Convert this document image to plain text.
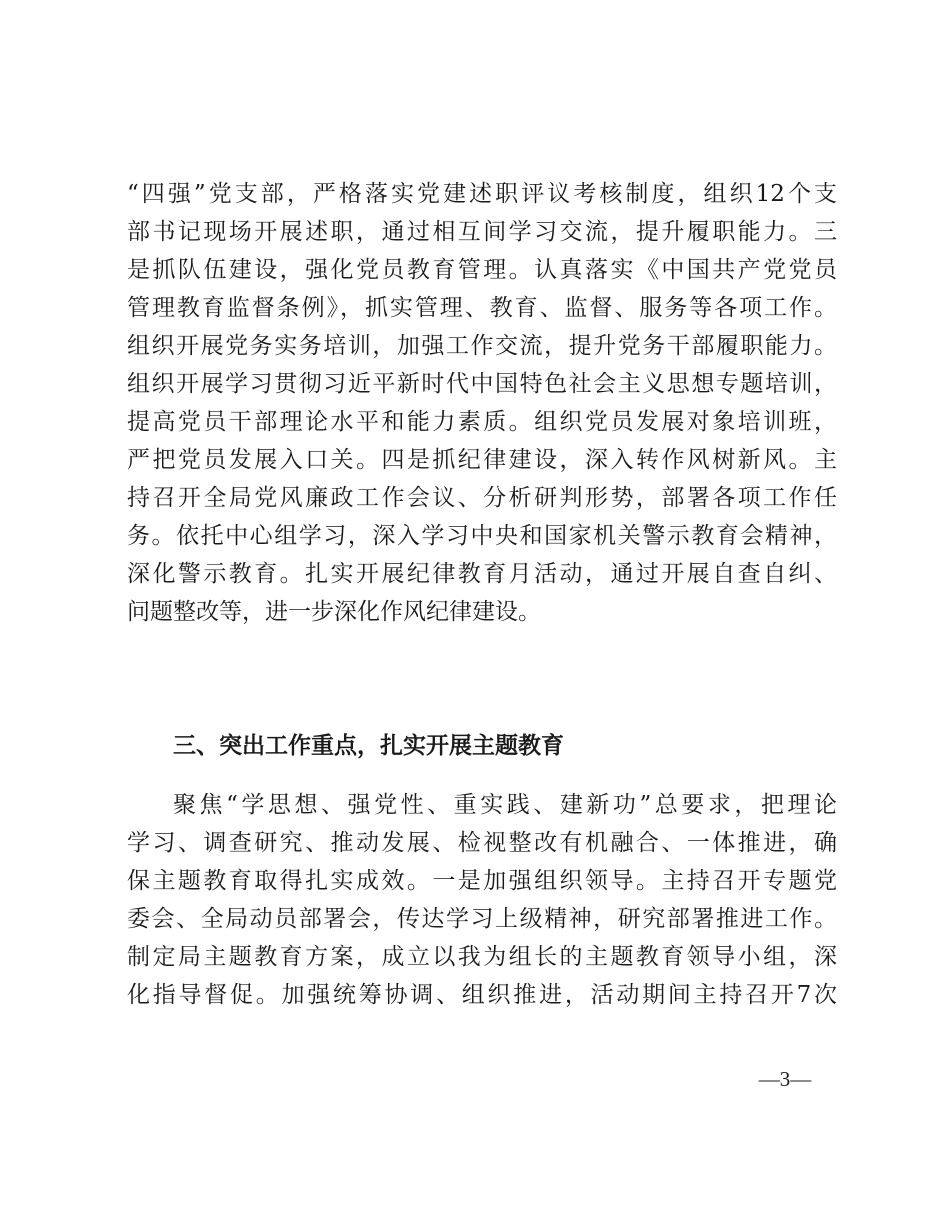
“四强”党支部，严格落实党建述职评议考核制度，组织12个支
部书记现场开展述职，通过相互间学习交流，提升履职能力。三
是抓队伍建设，强化党员教育管理。认真落实《中国共产党党员
管理教育监督条例》，抓实管理、教育、监督、服务等各项工作。
组织开展党务实务培训，加强工作交流，提升党务干部履职能力。
组织开展学习贯彻习近平新时代中国特色社会主义思想专题培训，
提高党员干部理论水平和能力素质。组织党员发展对象培训班，
严把党员发展入口关。四是抓纪律建设，深入转作风树新风。主
持召开全局党风廉政工作会议、分析研判形势，部署各项工作任
务。依托中心组学习，深入学习中央和国家机关警示教育会精神，
深化警示教育。扎实开展纪律教育月活动，通过开展自查自纠、
问题整改等，进一步深化作风纪律建设。
三、突出工作重点，扎实开展主题教育
聚焦“学思想、强党性、重实践、建新功”总要求，把理论
学习、调查研究、推动发展、检视整改有机融合、一体推进，确
保主题教育取得扎实成效。一是加强组织领导。主持召开专题党
委会、全局动员部署会，传达学习上级精神，研究部署推进工作。
制定局主题教育方案，成立以我为组长的主题教育领导小组，深
化指导督促。加强统筹协调、组织推进，活动期间主持召开7次
—3—
